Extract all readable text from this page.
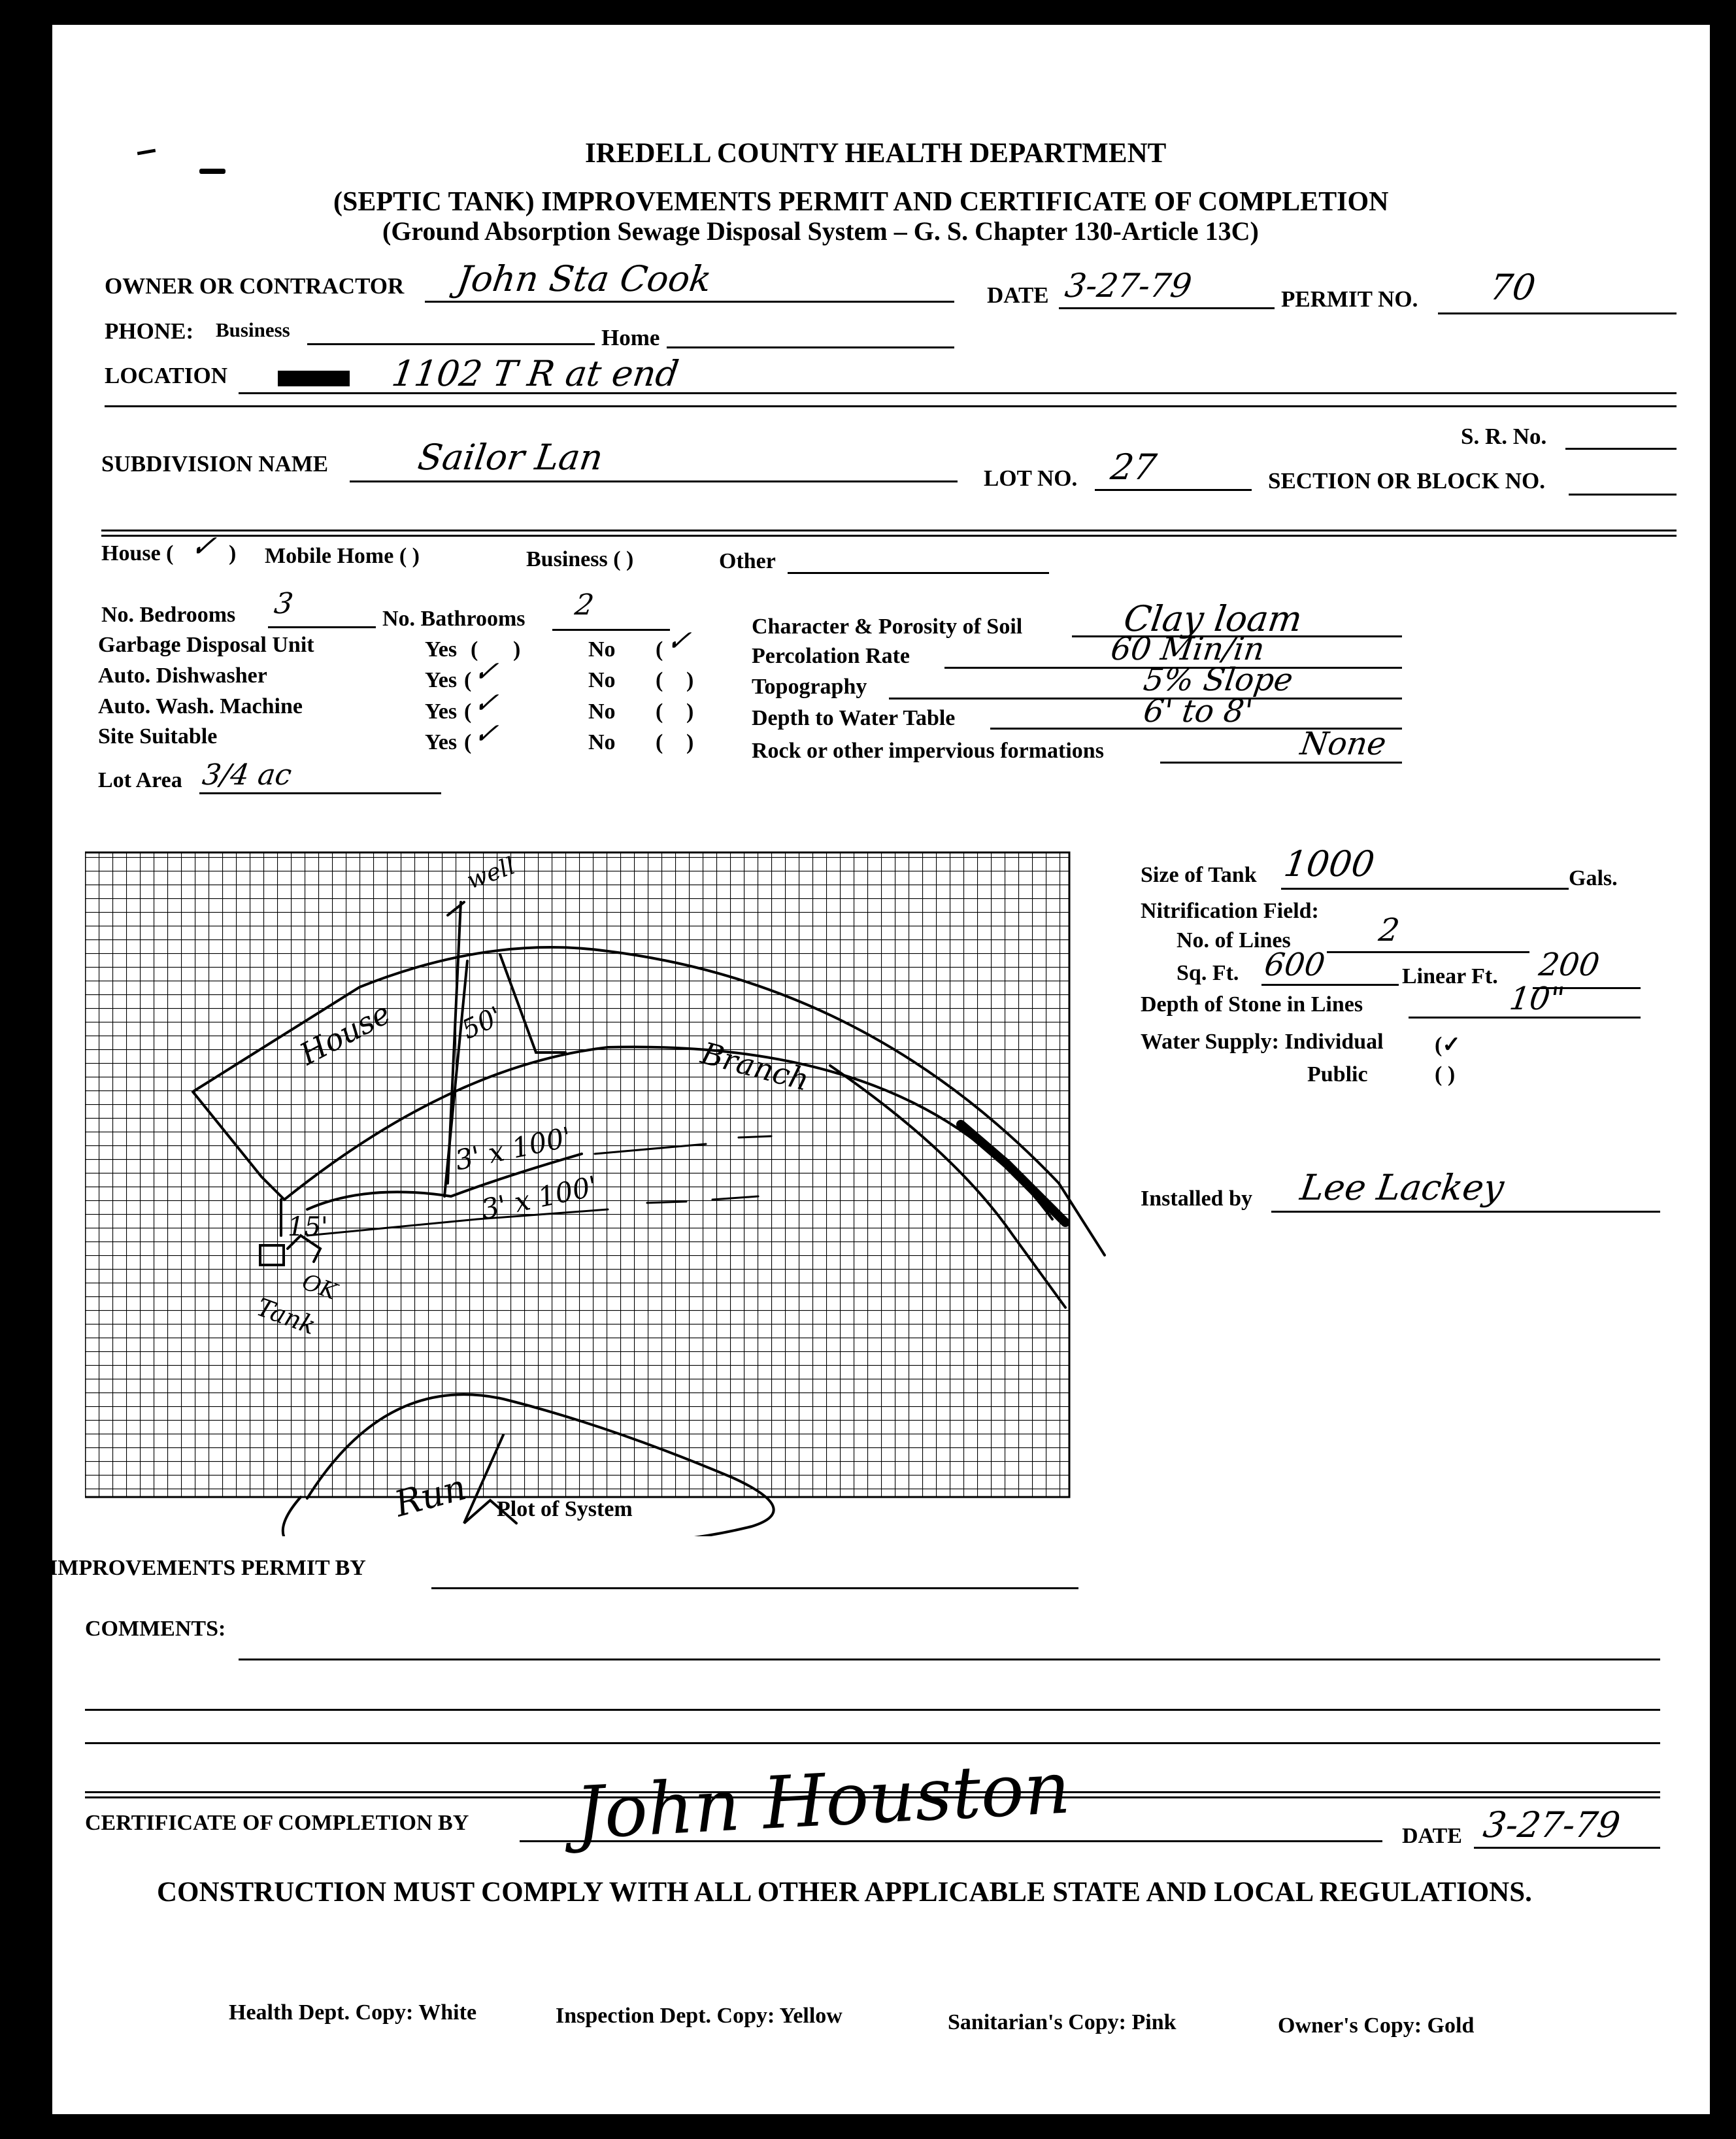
IREDELL COUNTY HEALTH DEPARTMENT
(SEPTIC TANK) IMPROVEMENTS PERMIT AND CERTIFICATE OF COMPLETION
(Ground Absorption Sewage Disposal System – G. S. Chapter 130-Article 13C)
OWNER OR CONTRACTOR John Sta Cook	DATE 3-27-79	PERMIT NO. 70
PHONE: Business	Home
LOCATION	1102 T R at end
S. R. No.
SUBDIVISION NAME Sailor Lan
LOT NO. 27	SECTION OR BLOCK NO.
House ( ✓ ) Mobile Home ( )	Business ( )	Other
No. Bedrooms 3	No. Bathrooms 2
Garbage Disposal Unit	Yes ( )	No ( ✓
Auto. Dishwasher	Yes ( ✓	No ( )
Auto. Wash. Machine	Yes ( ✓	No ( )
Site Suitable	Yes ( ✓	No ( )
Lot Area 3/4 ac
Character & Porosity of Soil	Clay loam
Percolation Rate	60 Min/in
Topography	5% Slope
Depth to Water Table	6' to 8'
Rock or other impervious formations	None
House
well
50'
15'
3' x 100'
3' x 100'
Tank
OK
Branch
Run Plot of System
Size of Tank 1000	Gals.
Nitrification Field:
No. of Lines	2
Sq. Ft. 600	Linear Ft. 200
Depth of Stone in Lines	10"
Water Supply: Individual (✓
Public	( )
Installed by Lee Lackey
IMPROVEMENTS PERMIT BY
COMMENTS:
CERTIFICATE OF COMPLETION BY John Houston	DATE 3-27-79
CONSTRUCTION MUST COMPLY WITH ALL OTHER APPLICABLE STATE AND LOCAL REGULATIONS.
Health Dept. Copy: White	Inspection Dept. Copy: Yellow	Sanitarian's Copy: Pink	Owner's Copy: Gold
